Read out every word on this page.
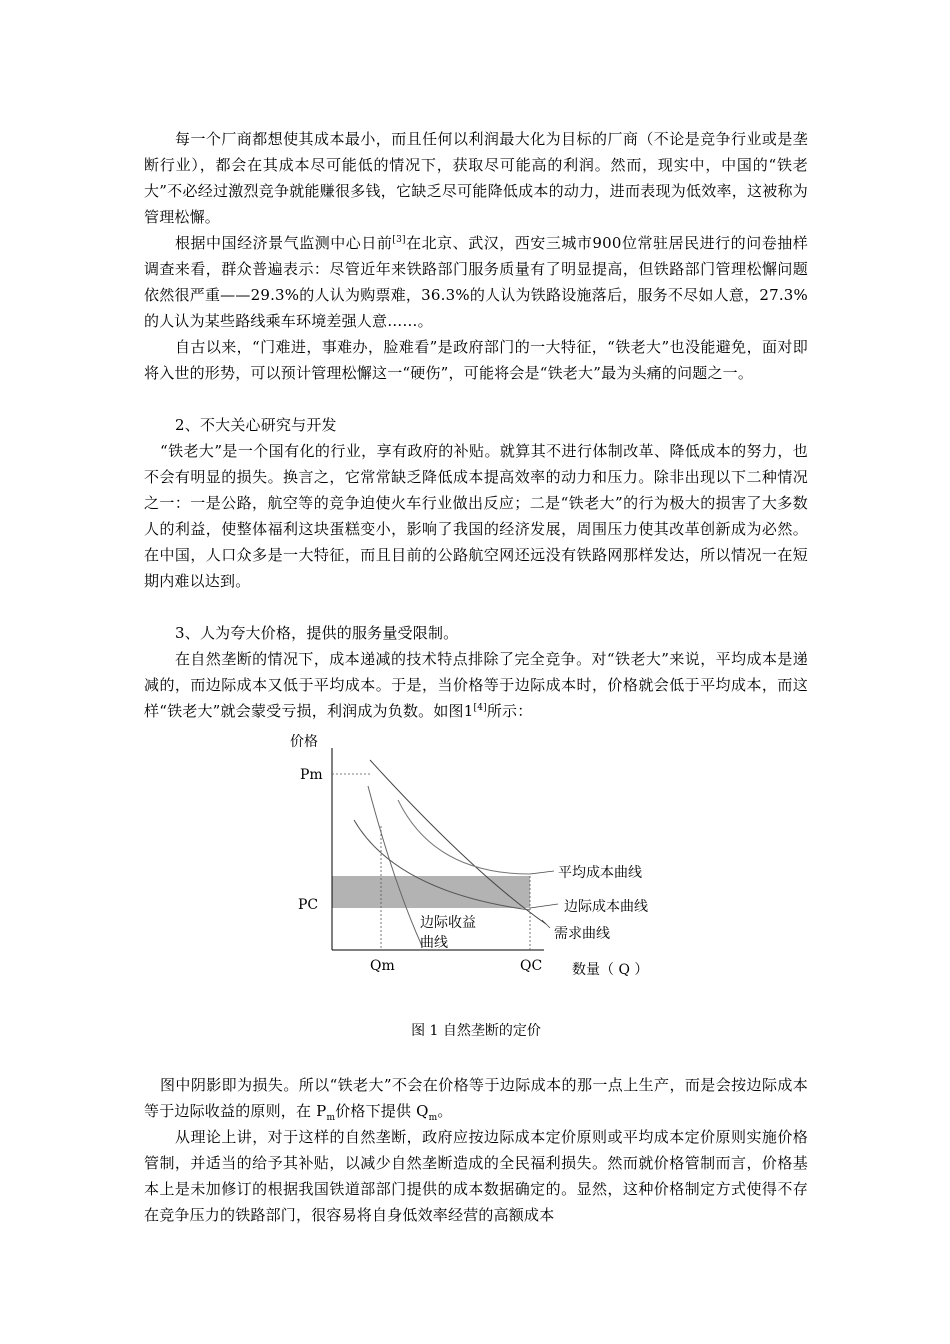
每一个厂商都想使其成本最小，而且任何以利润最大化为目标的厂商（不论是竞争行业或是垄断行业），都会在其成本尽可能低的情况下，获取尽可能高的利润。然而，现实中，中国的“铁老大”不必经过激烈竞争就能赚很多钱，它缺乏尽可能降低成本的动力，进而表现为低效率，这被称为管理松懈。

根据中国经济景气监测中心日前[3]在北京、武汉，西安三城市900位常驻居民进行的问卷抽样调查来看，群众普遍表示：尽管近年来铁路部门服务质量有了明显提高，但铁路部门管理松懈问题依然很严重——29.3%的人认为购票难，36.3%的人认为铁路设施落后，服务不尽如人意，27.3%的人认为某些路线乘车环境差强人意……。

自古以来，“门难进，事难办，脸难看”是政府部门的一大特征，“铁老大”也没能避免，面对即将入世的形势，可以预计管理松懈这一“硬伤”，可能将会是“铁老大”最为头痛的问题之一。

2、不大关心研究与开发

“铁老大”是一个国有化的行业，享有政府的补贴。就算其不进行体制改革、降低成本的努力，也不会有明显的损失。换言之，它常常缺乏降低成本提高效率的动力和压力。除非出现以下二种情况之一：一是公路，航空等的竞争迫使火车行业做出反应；二是“铁老大”的行为极大的损害了大多数人的利益，使整体福利这块蛋糕变小，影响了我国的经济发展，周围压力使其改革创新成为必然。在中国，人口众多是一大特征，而且目前的公路航空网还远没有铁路网那样发达，所以情况一在短期内难以达到。

3、人为夸大价格，提供的服务量受限制。

在自然垄断的情况下，成本递减的技术特点排除了完全竞争。对“铁老大”来说，平均成本是递减的，而边际成本又低于平均成本。于是，当价格等于边际成本时，价格就会低于平均成本，而这样“铁老大”就会蒙受亏损，利润成为负数。如图1[4]所示：

价格
Pm
PC
Qm	QC 数量（ Q ）
平均成本曲线
边际成本曲线
需求曲线
边际收益
曲线
图 1 自然垄断的定价

图中阴影即为损失。所以“铁老大”不会在价格等于边际成本的那一点上生产，而是会按边际成本等于边际收益的原则，在 $P_m$价格下提供 $Q_m$。

从理论上讲，对于这样的自然垄断，政府应按边际成本定价原则或平均成本定价原则实施价格管制，并适当的给予其补贴，以减少自然垄断造成的全民福利损失。然而就价格管制而言，价格基本上是未加修订的根据我国铁道部部门提供的成本数据确定的。显然，这种价格制定方式使得不存在竞争压力的铁路部门，很容易将自身低效率经营的高额成本
